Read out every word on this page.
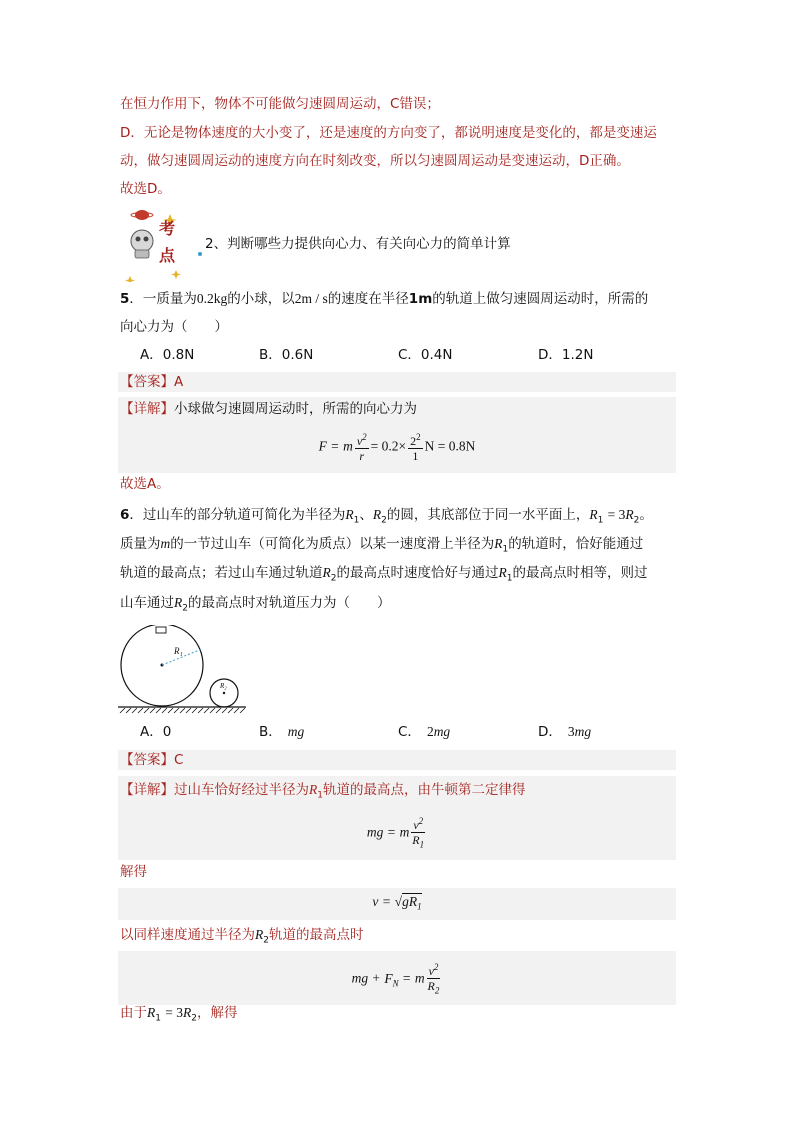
在恒力作用下，物体不可能做匀速圆周运动，C错误；
D．无论是物体速度的大小变了，还是速度的方向变了，都说明速度是变化的，都是变速运
动，做匀速圆周运动的速度方向在时刻改变，所以匀速圆周运动是变速运动，D正确。
故选D。
考
点
2、判断哪些力提供向心力、有关向心力的简单计算
5．一质量为0.2kg的小球，以2m / s的速度在半径1m的轨道上做匀速圆周运动时，所需的
向心力为（　　）
A．0.8N	B．0.6N	C．0.4N	D．1.2N
【答案】A
【详解】小球做匀速圆周运动时，所需的向心力为
F = m $\frac{v^2}{r} = 0.2\times \frac{2^2}{1}$ N = 0.8N
故选A。
6．过山车的部分轨道可简化为半径为$R_1$、$R_2$的圆，其底部位于同一水平面上，$R_1 = 3R_2$。
质量为m的一节过山车（可简化为质点）以某一速度滑上半径为$R_1$的轨道时，恰好能通过
轨道的最高点；若过山车通过轨道$R_2$的最高点时速度恰好与通过$R_1$的最高点时相等，则过
山车通过$R_2$的最高点时对轨道压力为（　　）
R₁
R₂
A．0	B． mg	C． 2mg	D． 3mg
【答案】C
【详解】过山车恰好经过半径为$R_1$轨道的最高点，由牛顿第二定律得
mg = m $\frac{v^2}{R_1}$
解得
$v = √gR_1$
以同样速度通过半径为$R_2$轨道的最高点时
mg + $F_N = m \frac{v^2}{R_2}$
由于$R_1 = 3R_2$，解得
